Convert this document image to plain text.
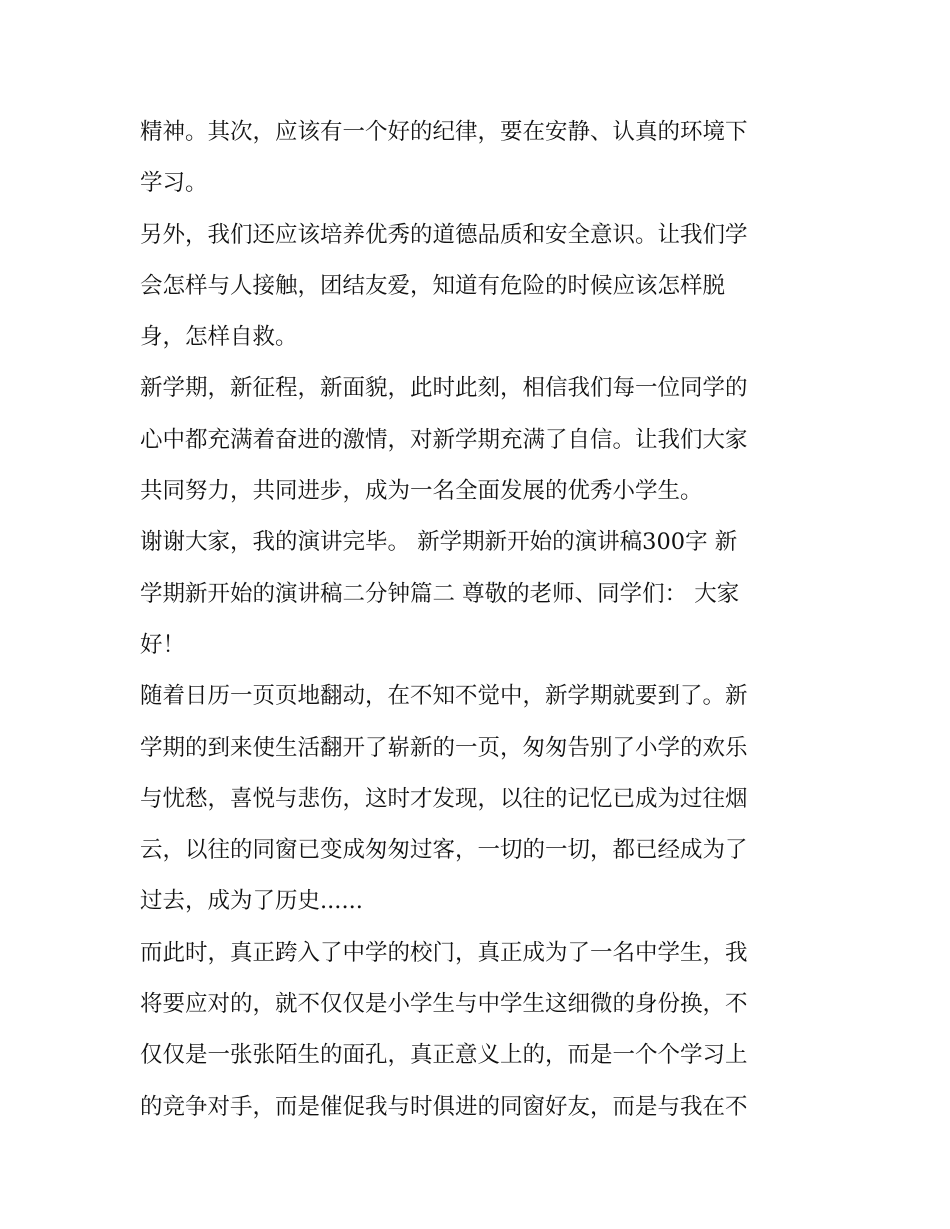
精神。其次，应该有一个好的纪律，要在安静、认真的环境下
学习。
另外，我们还应该培养优秀的道德品质和安全意识。让我们学
会怎样与人接触，团结友爱，知道有危险的时候应该怎样脱
身，怎样自救。
新学期，新征程，新面貌，此时此刻，相信我们每一位同学的
心中都充满着奋进的激情，对新学期充满了自信。让我们大家
共同努力，共同进步，成为一名全面发展的优秀小学生。
谢谢大家，我的演讲完毕。 新学期新开始的演讲稿300字 新
学期新开始的演讲稿二分钟篇二 尊敬的老师、同学们： 大家
好！
随着日历一页页地翻动，在不知不觉中，新学期就要到了。新
学期的到来使生活翻开了崭新的一页，匆匆告别了小学的欢乐
与忧愁，喜悦与悲伤，这时才发现，以往的记忆已成为过往烟
云，以往的同窗已变成匆匆过客，一切的一切，都已经成为了
过去，成为了历史......
而此时，真正跨入了中学的校门，真正成为了一名中学生，我
将要应对的，就不仅仅是小学生与中学生这细微的身份换，不
仅仅是一张张陌生的面孔，真正意义上的，而是一个个学习上
的竞争对手，而是催促我与时俱进的同窗好友，而是与我在不
